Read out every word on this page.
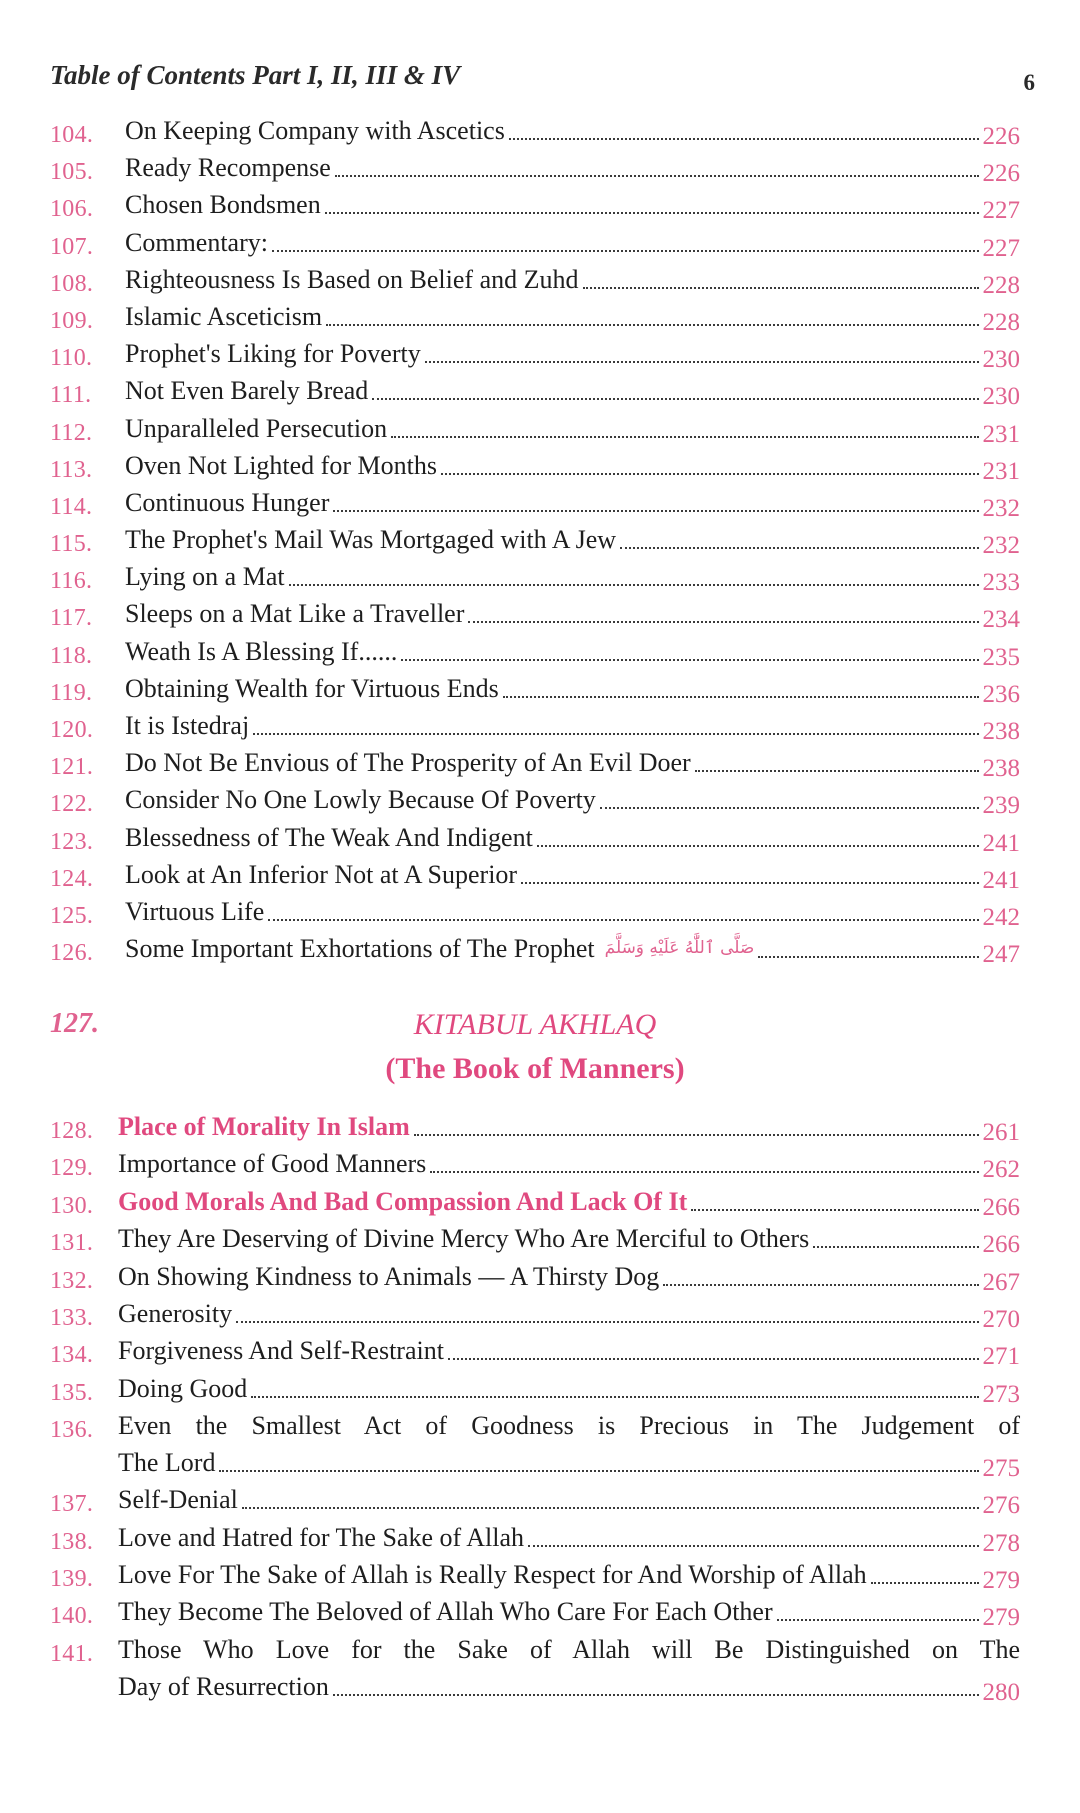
Table of Contents Part I, II, III & IV	6
104. On Keeping Company with Ascetics	226
105. Ready Recompense	226
106. Chosen Bondsmen	227
107. Commentary:	227
108. Righteousness Is Based on Belief and Zuhd	228
109. Islamic Asceticism	228
110. Prophet's Liking for Poverty	230
111. Not Even Barely Bread	230
112. Unparalleled Persecution	231
113. Oven Not Lighted for Months	231
114. Continuous Hunger	232
115. The Prophet's Mail Was Mortgaged with A Jew	232
116. Lying on a Mat	233
117. Sleeps on a Mat Like a Traveller	234
118. Weath Is A Blessing If......	235
119. Obtaining Wealth for Virtuous Ends	236
120. It is Istedraj	238
121. Do Not Be Envious of The Prosperity of An Evil Doer	238
122. Consider No One Lowly Because Of Poverty	239
123. Blessedness of The Weak And Indigent	241
124. Look at An Inferior Not at A Superior	241
125. Virtuous Life	242
126. Some Important Exhortations of The Prophet صَلَّى ٱللَّٰهُ عَلَيْهِ وَسَلَّمَ	247
127.	KITABUL AKHLAQ
(The Book of Manners)
128. Place of Morality In Islam	261
129. Importance of Good Manners	262
130. Good Morals And Bad Compassion And Lack Of It	266
131. They Are Deserving of Divine Mercy Who Are Merciful to Others	266
132. On Showing Kindness to Animals — A Thirsty Dog	267
133. Generosity	270
134. Forgiveness And Self-Restraint	271
135. Doing Good	273
136. Even the Smallest Act of Goodness is Precious in The Judgement of
The Lord	275
137. Self-Denial	276
138. Love and Hatred for The Sake of Allah	278
139. Love For The Sake of Allah is Really Respect for And Worship of Allah	279
140. They Become The Beloved of Allah Who Care For Each Other	279
141. Those Who Love for the Sake of Allah will Be Distinguished on The
Day of Resurrection	280
